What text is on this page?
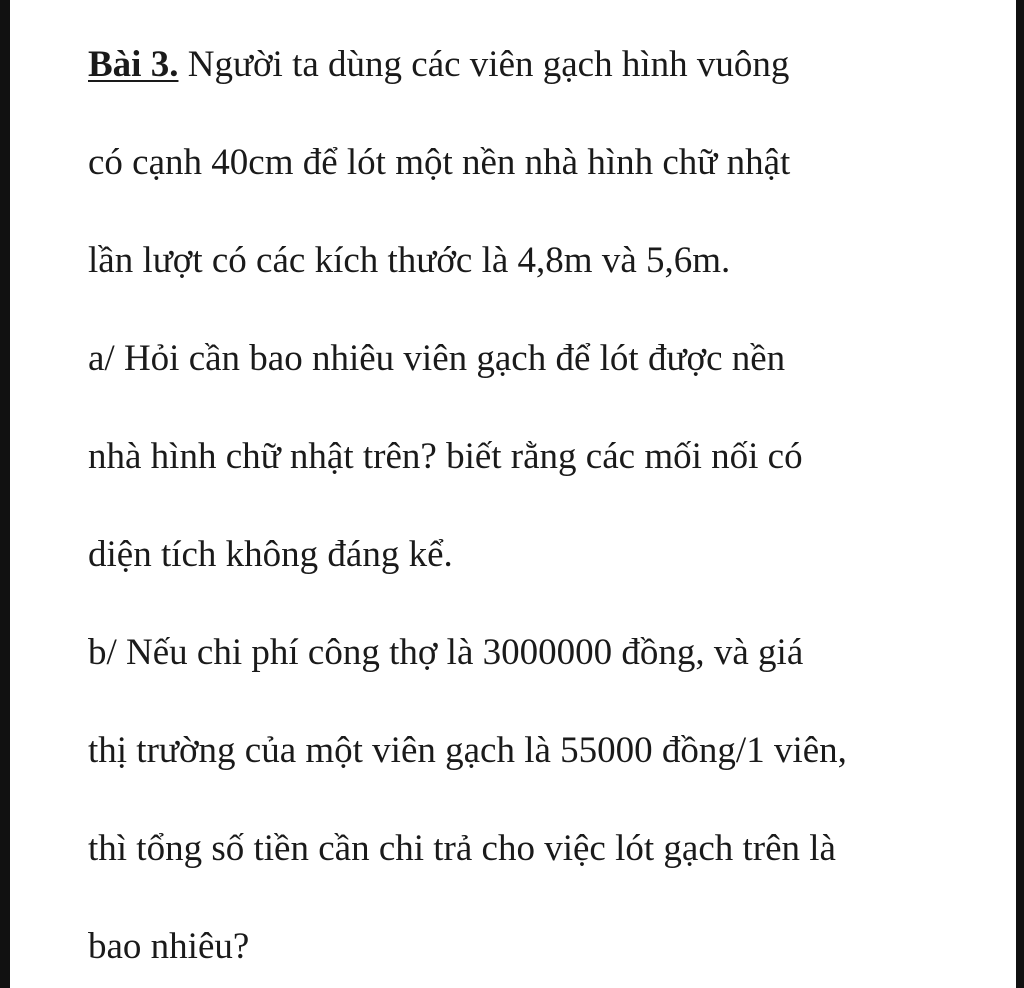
Bài 3. Người ta dùng các viên gạch hình vuông
có cạnh 40cm để lót một nền nhà hình chữ nhật
lần lượt có các kích thước là 4,8m và 5,6m.
a/ Hỏi cần bao nhiêu viên gạch để lót được nền
nhà hình chữ nhật trên? biết rằng các mối nối có
diện tích không đáng kể.
b/ Nếu chi phí công thợ là 3000000 đồng, và giá
thị trường của một viên gạch là 55000 đồng/1 viên,
thì tổng số tiền cần chi trả cho việc lót gạch trên là
bao nhiêu?
